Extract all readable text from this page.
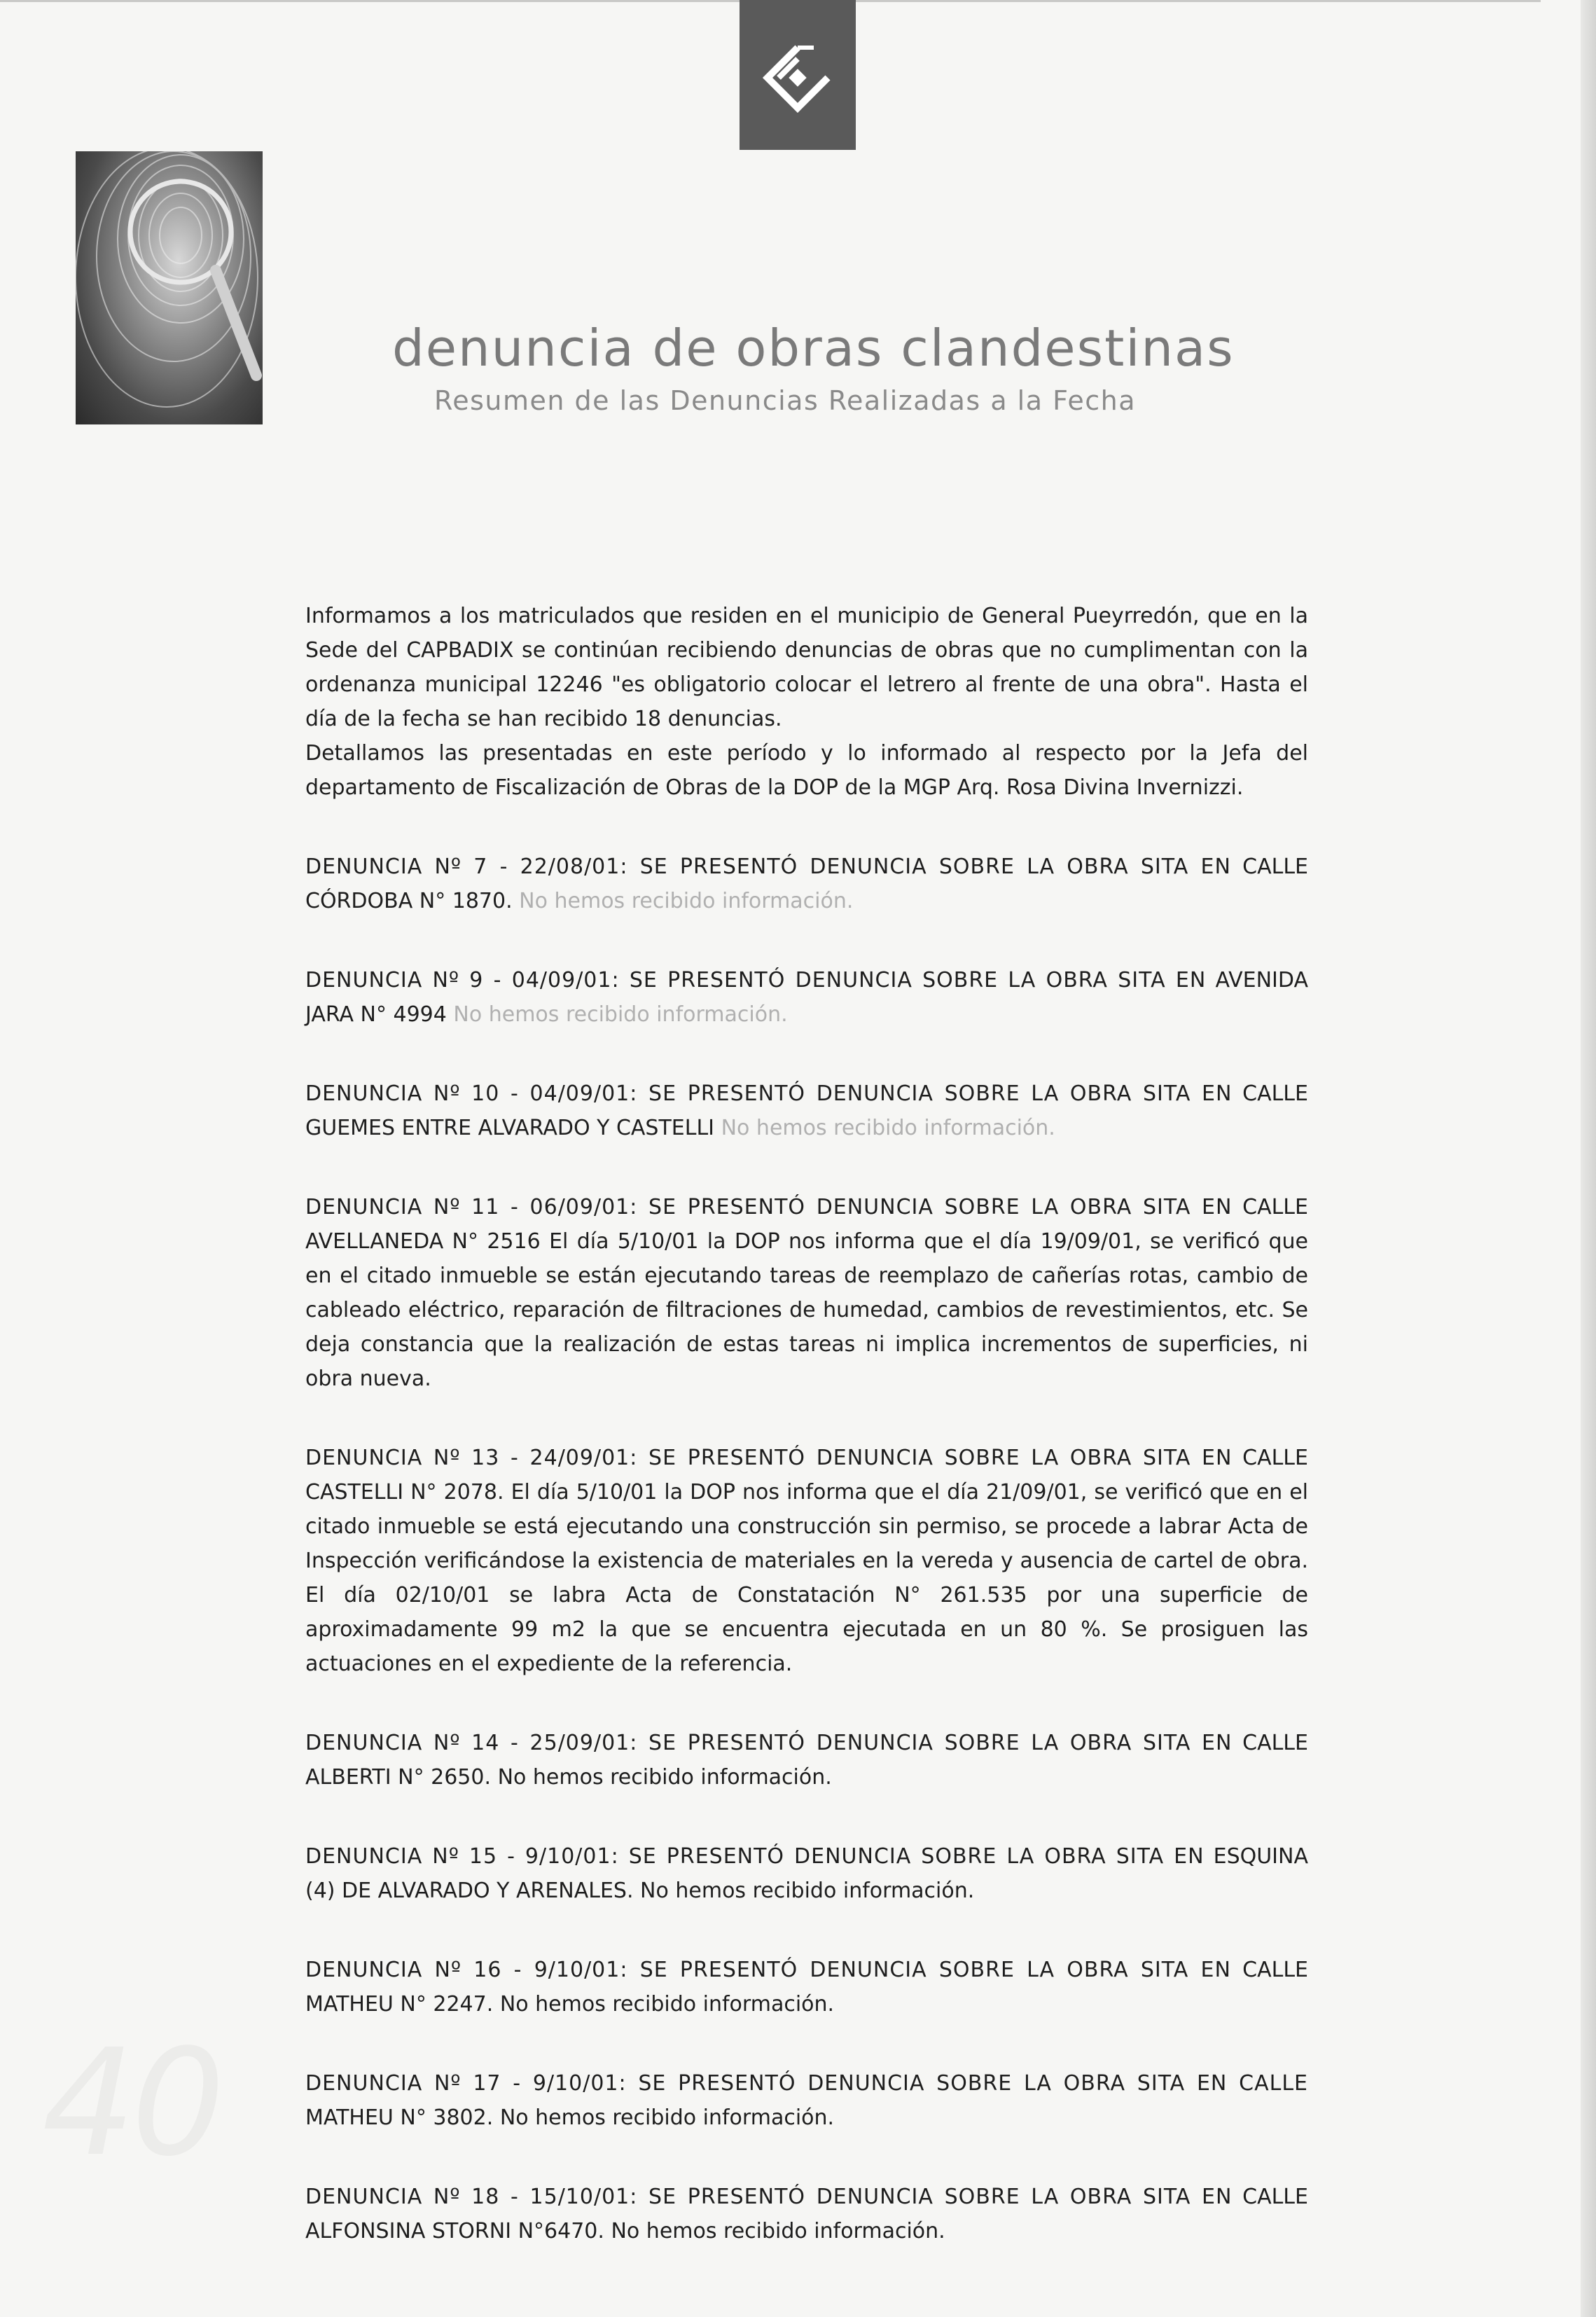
denuncia de obras clandestinas
Resumen de las Denuncias Realizadas a la Fecha

Informamos a los matriculados que residen en el municipio de General Pueyrredón, que en la Sede del CAPBADIX se continúan recibiendo denuncias de obras que no cumplimentan con la ordenanza municipal 12246 "es obligatorio colocar el letrero al frente de una obra". Hasta el día de la fecha se han recibido 18 denuncias.

Detallamos las presentadas en este período y lo informado al respecto por la Jefa del departamento de Fiscalización de Obras de la DOP de la MGP Arq. Rosa Divina Invernizzi.

DENUNCIA Nº 7 - 22/08/01: SE PRESENTÓ DENUNCIA SOBRE LA OBRA SITA EN CALLE CÓRDOBA N° 1870. No hemos recibido información.
DENUNCIA Nº 9 - 04/09/01: SE PRESENTÓ DENUNCIA SOBRE LA OBRA SITA EN AVENIDA JARA N° 4994 No hemos recibido información.
DENUNCIA Nº 10 - 04/09/01: SE PRESENTÓ DENUNCIA SOBRE LA OBRA SITA EN CALLE GUEMES ENTRE ALVARADO Y CASTELLI No hemos recibido información.
DENUNCIA Nº 11 - 06/09/01: SE PRESENTÓ DENUNCIA SOBRE LA OBRA SITA EN CALLE AVELLANEDA N° 2516 El día 5/10/01 la DOP nos informa que el día 19/09/01, se verificó que en el citado inmueble se están ejecutando tareas de reemplazo de cañerías rotas, cambio de cableado eléctrico, reparación de filtraciones de humedad, cambios de revestimientos, etc. Se deja constancia que la realización de estas tareas ni implica incrementos de superficies, ni obra nueva.
DENUNCIA Nº 13 - 24/09/01: SE PRESENTÓ DENUNCIA SOBRE LA OBRA SITA EN CALLE CASTELLI N° 2078. El día 5/10/01 la DOP nos informa que el día 21/09/01, se verificó que en el citado inmueble se está ejecutando una construcción sin permiso, se procede a labrar Acta de Inspección verificándose la existencia de materiales en la vereda y ausencia de cartel de obra. El día 02/10/01 se labra Acta de Constatación N° 261.535 por una superficie de aproximadamente 99 m2 la que se encuentra ejecutada en un 80 %. Se prosiguen las actuaciones en el expediente de la referencia.
DENUNCIA Nº 14 - 25/09/01: SE PRESENTÓ DENUNCIA SOBRE LA OBRA SITA EN CALLE ALBERTI N° 2650. No hemos recibido información.
DENUNCIA Nº 15 - 9/10/01: SE PRESENTÓ DENUNCIA SOBRE LA OBRA SITA EN ESQUINA (4) DE ALVARADO Y ARENALES. No hemos recibido información.
DENUNCIA Nº 16 - 9/10/01: SE PRESENTÓ DENUNCIA SOBRE LA OBRA SITA EN CALLE MATHEU N° 2247. No hemos recibido información.
DENUNCIA Nº 17 - 9/10/01: SE PRESENTÓ DENUNCIA SOBRE LA OBRA SITA EN CALLE MATHEU N° 3802. No hemos recibido información.
DENUNCIA Nº 18 - 15/10/01: SE PRESENTÓ DENUNCIA SOBRE LA OBRA SITA EN CALLE ALFONSINA STORNI N°6470. No hemos recibido información.
40
